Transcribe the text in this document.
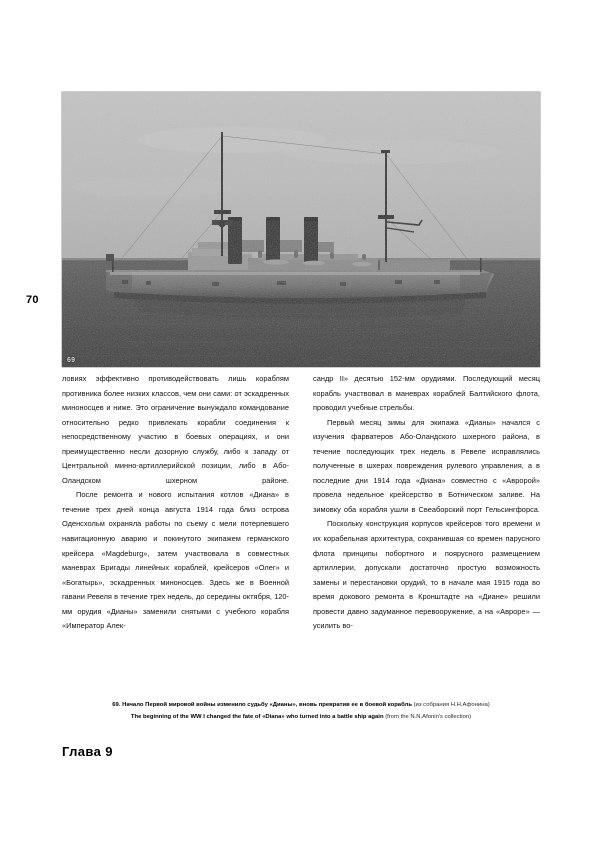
70
69

ловиях эффективно противодействовать лишь кораблям противника более низких классов, чем они сами: от эскадренных миноносцев и ниже. Это ограничение вынуждало командование относительно редко привлекать корабли соединения к непосредственному участию в боевых операциях, и они преимущественно несли дозорную службу, либо к западу от Центральной минно-артиллерийской позиции, либо в Або-Оландском шхерном районе.

После ремонта и нового испытания котлов «Диана» в течение трех дней конца августа 1914 года близ острова Оденсхольм охраняла работы по съему с мели потерпевшего навигационную аварию и покинутого экипажем германского крейсера «Magdeburg», затем участвовала в совместных маневрах Бригады линейных кораблей, крейсеров «Олег» и «Богатырь», эскадренных миноносцев. Здесь же в Военной гавани Ревеля в течение трех недель, до середины октября, 120-мм орудия «Дианы» заменили снятыми с учебного корабля «Император Алек-

сандр II» десятью 152-мм орудиями. Последующий месяц корабль участвовал в маневрах кораблей Балтийского флота, проводил учебные стрельбы.

Первый месяц зимы для экипажа «Дианы» начался с изучения фарватеров Або-Оландского шхерного района, в течение последующих трех недель в Ревеле исправлялись полученные в шхерах повреждения рулевого управления, а в последние дни 1914 года «Диана» совместно с «Авророй» провела недельное крейсерство в Ботническом заливе. На зимовку оба корабля ушли в Свеаборский порт Гельсингфорса.

Поскольку конструкция корпусов крейсеров того времени и их корабельная архитектура, сохранившая со времен парусного флота принципы побортного и поярусного размещением артиллерии, допускали достаточно простую возможность замены и перестановки орудий, то в начале мая 1915 года во время докового ремонта в Кронштадте на «Диане» решили провести давно задуманное перевооружение, а на «Авроре» — усилить во-

69. Начало Первой мировой войны изменило судьбу «Дианы», вновь превратив ее в боевой корабль (из собрания Н.Н.Афонина)
The beginning of the WW I changed the fate of «Diana» who turned into a battle ship again (from the N.N.Afonin's collection)
Глава 9
